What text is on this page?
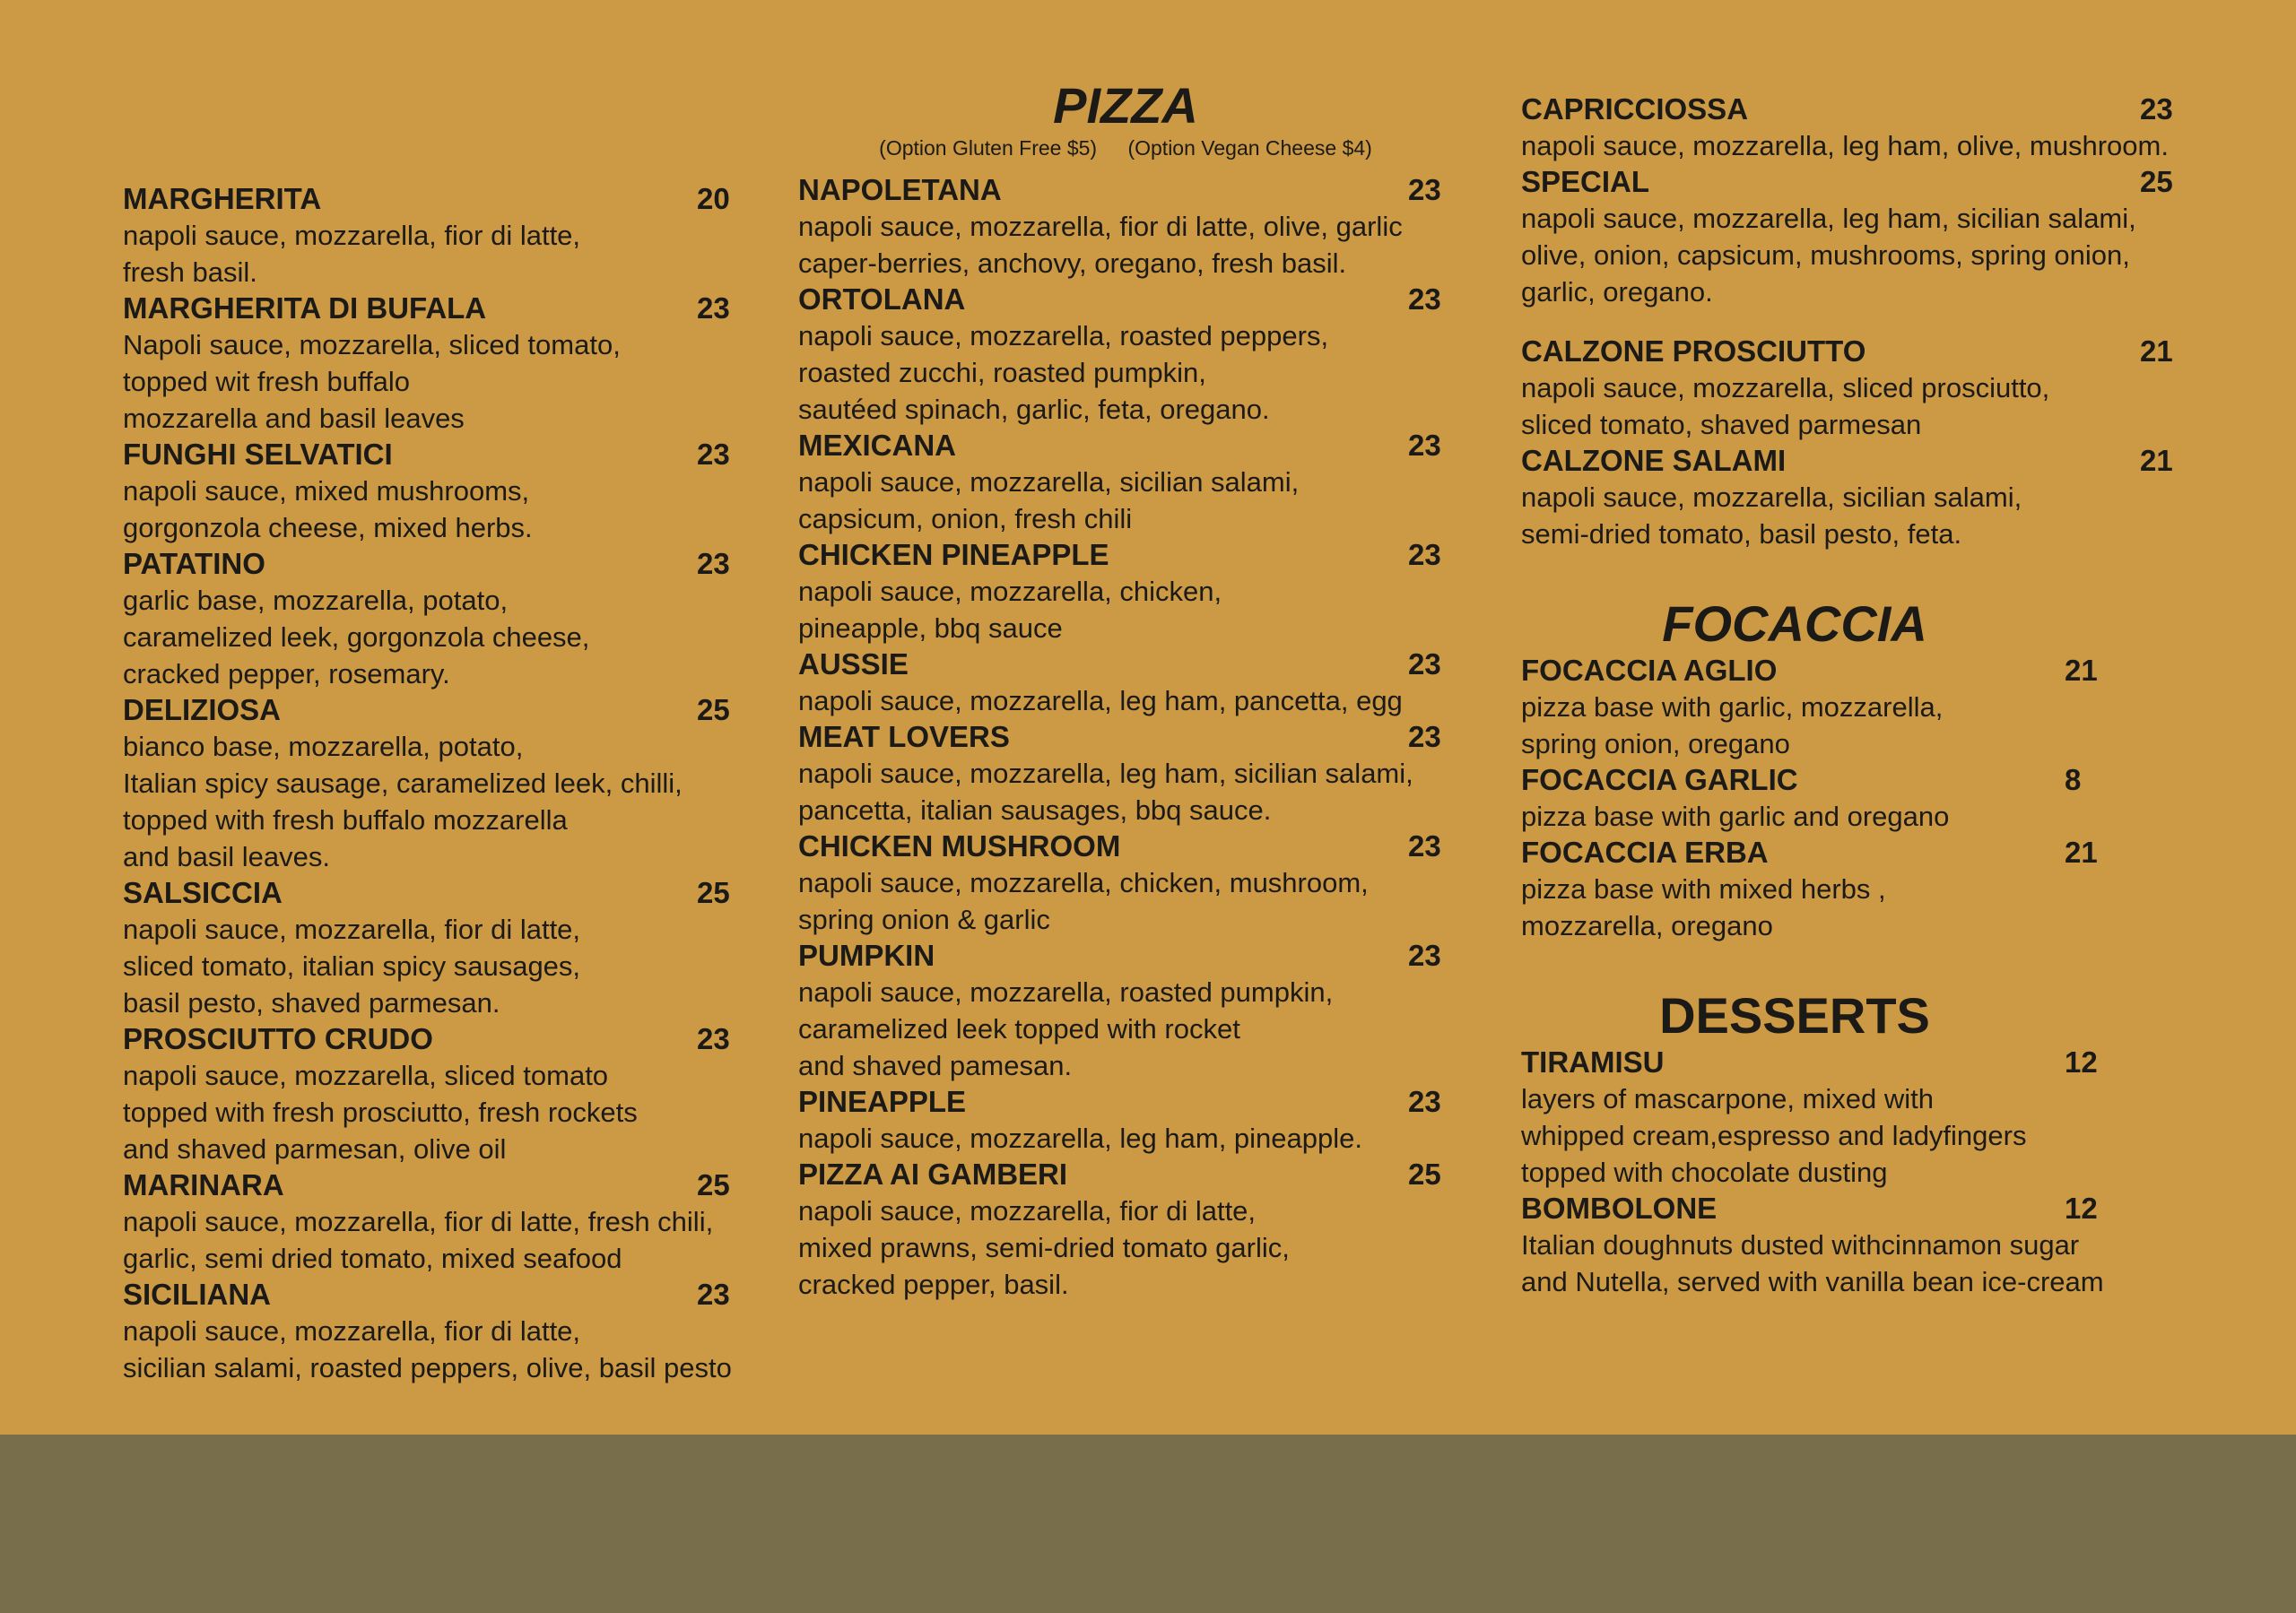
MARGHERITA	20
napoli sauce, mozzarella, fior di latte,
fresh basil.
MARGHERITA DI BUFALA	23
Napoli sauce, mozzarella, sliced tomato,
topped wit fresh buffalo
mozzarella and basil leaves
FUNGHI SELVATICI	23
napoli sauce, mixed mushrooms,
gorgonzola cheese, mixed herbs.
PATATINO	23
garlic base, mozzarella, potato,
caramelized leek, gorgonzola cheese,
cracked pepper, rosemary.
DELIZIOSA	25
bianco base, mozzarella, potato,
Italian spicy sausage, caramelized leek, chilli,
topped with fresh buffalo mozzarella
and basil leaves.
SALSICCIA	25
napoli sauce, mozzarella, fior di latte,
sliced tomato, italian spicy sausages,
basil pesto, shaved parmesan.
PROSCIUTTO CRUDO	23
napoli sauce, mozzarella, sliced tomato
topped with fresh prosciutto, fresh rockets
and shaved parmesan, olive oil
MARINARA	25
napoli sauce, mozzarella, fior di latte, fresh chili,
garlic, semi dried tomato, mixed seafood
SICILIANA	23
napoli sauce, mozzarella, fior di latte,
sicilian salami, roasted peppers, olive, basil pesto
PIZZA
(Option Gluten Free $5) (Option Vegan Cheese $4)
NAPOLETANA	23
napoli sauce, mozzarella, fior di latte, olive, garlic
caper-berries, anchovy, oregano, fresh basil.
ORTOLANA	23
napoli sauce, mozzarella, roasted peppers,
roasted zucchi, roasted pumpkin,
sautéed spinach, garlic, feta, oregano.
MEXICANA	23
napoli sauce, mozzarella, sicilian salami,
capsicum, onion, fresh chili
CHICKEN PINEAPPLE	23
napoli sauce, mozzarella, chicken,
pineapple, bbq sauce
AUSSIE	23
napoli sauce, mozzarella, leg ham, pancetta, egg
MEAT LOVERS	23
napoli sauce, mozzarella, leg ham, sicilian salami,
pancetta, italian sausages, bbq sauce.
CHICKEN MUSHROOM	23
napoli sauce, mozzarella, chicken, mushroom,
spring onion & garlic
PUMPKIN	23
napoli sauce, mozzarella, roasted pumpkin,
caramelized leek topped with rocket
and shaved pamesan.
PINEAPPLE	23
napoli sauce, mozzarella, leg ham, pineapple.
PIZZA AI GAMBERI	25
napoli sauce, mozzarella, fior di latte,
mixed prawns, semi-dried tomato garlic,
cracked pepper, basil.
CAPRICCIOSSA	23
napoli sauce, mozzarella, leg ham, olive, mushroom.
SPECIAL	25
napoli sauce, mozzarella, leg ham, sicilian salami,
olive, onion, capsicum, mushrooms, spring onion,
garlic, oregano.
CALZONE PROSCIUTTO	21
napoli sauce, mozzarella, sliced prosciutto,
sliced tomato, shaved parmesan
CALZONE SALAMI	21
napoli sauce, mozzarella, sicilian salami,
semi-dried tomato, basil pesto, feta.
FOCACCIA
FOCACCIA AGLIO	21
pizza base with garlic, mozzarella,
spring onion, oregano
FOCACCIA GARLIC	8
pizza base with garlic and oregano
FOCACCIA ERBA	21
pizza base with mixed herbs ,
mozzarella, oregano
DESSERTS
TIRAMISU	12
layers of mascarpone, mixed with
whipped cream,espresso and ladyfingers
topped with chocolate dusting
BOMBOLONE	12
Italian doughnuts dusted withcinnamon sugar
and Nutella, served with vanilla bean ice-cream
